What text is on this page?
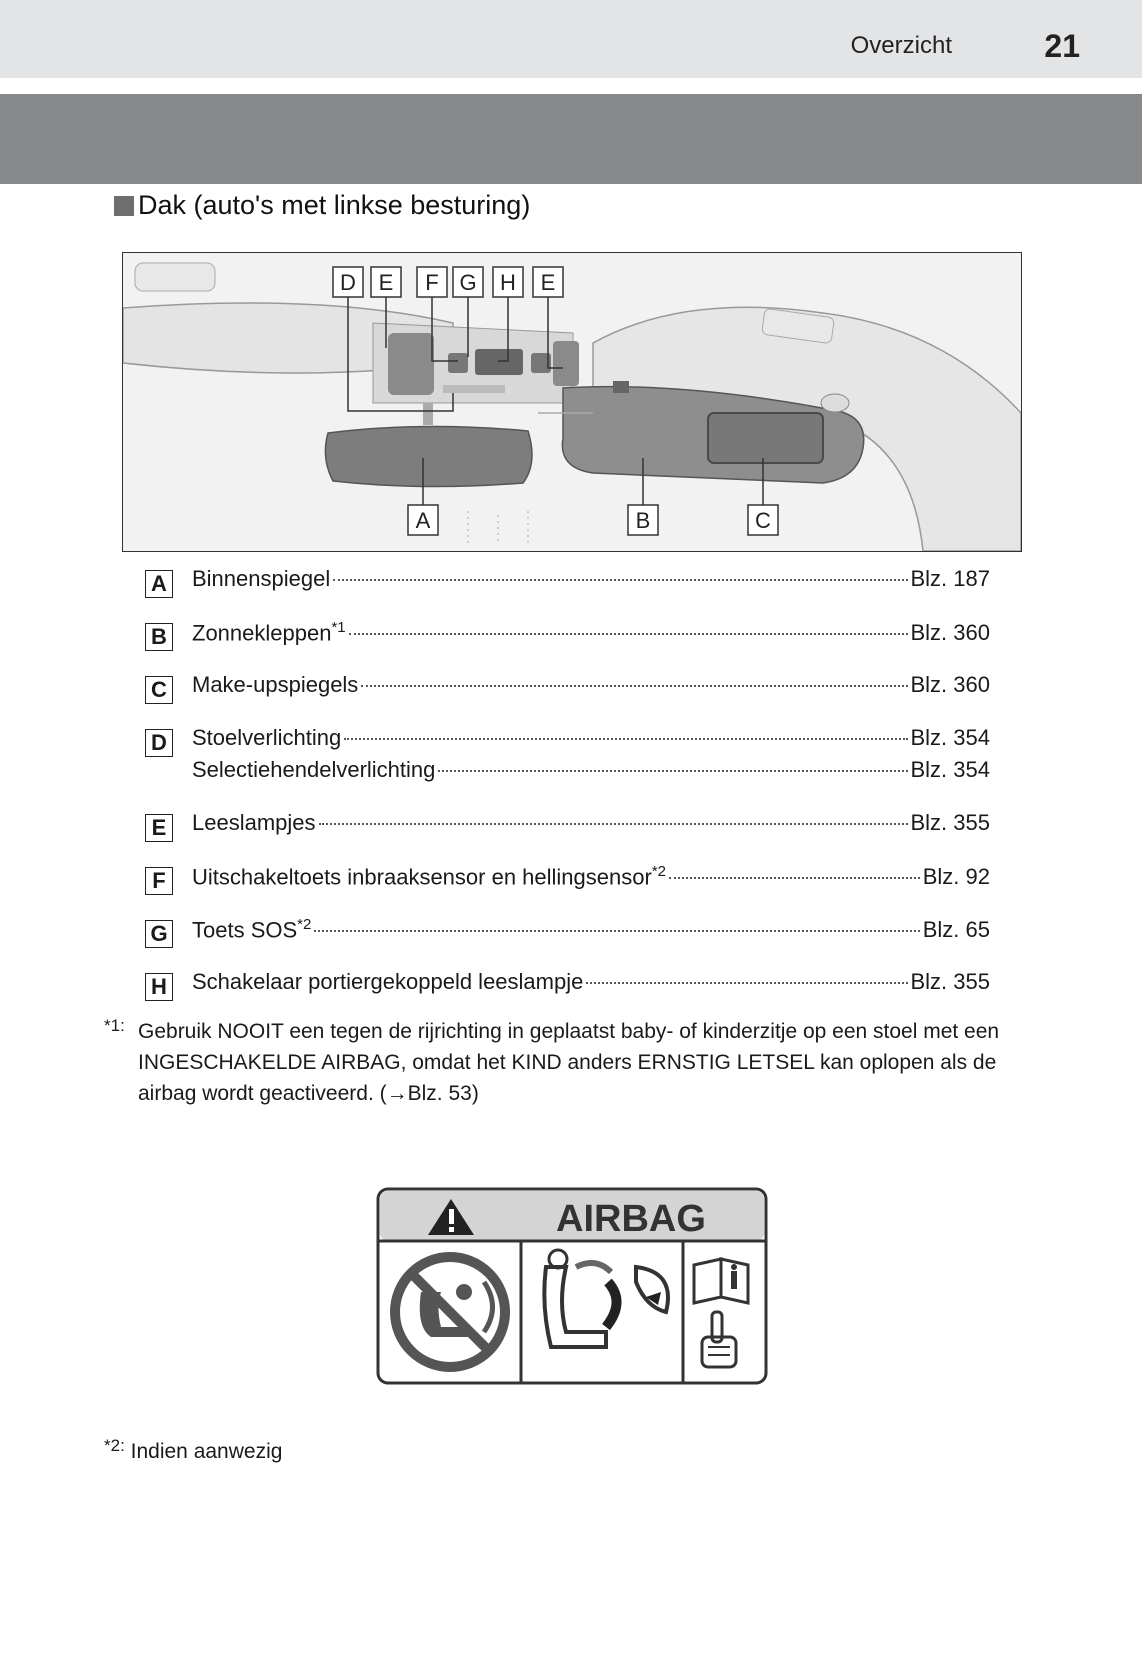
Overzicht	21
Dak (auto's met linkse besturing)
D E F G H E
A	B	C
A Binnenspiegel	Blz. 187
B Zonnekleppen$^{*1}$	Blz. 360
C Make-upspiegels	Blz. 360
D Stoelverlichting	Blz. 354
Selectiehendelverlichting	Blz. 354
E	Leeslampjes	Blz. 355
F	Uitschakeltoets inbraaksensor en hellingsensor$^{*2}$	Blz. 92
G Toets SOS$^{*2}$	Blz. 65
H Schakelaar portiergekoppeld leeslampje	Blz. 355
*1: Gebruik NOOIT een tegen de rijrichting in geplaatst baby- of kinderzitje op een stoel met een INGESCHAKELDE AIRBAG, omdat het KIND anders ERNSTIG LETSEL kan oplopen als de airbag wordt geactiveerd. (→Blz. 53)
AIRBAG
$^{*2:}$ Indien aanwezig
